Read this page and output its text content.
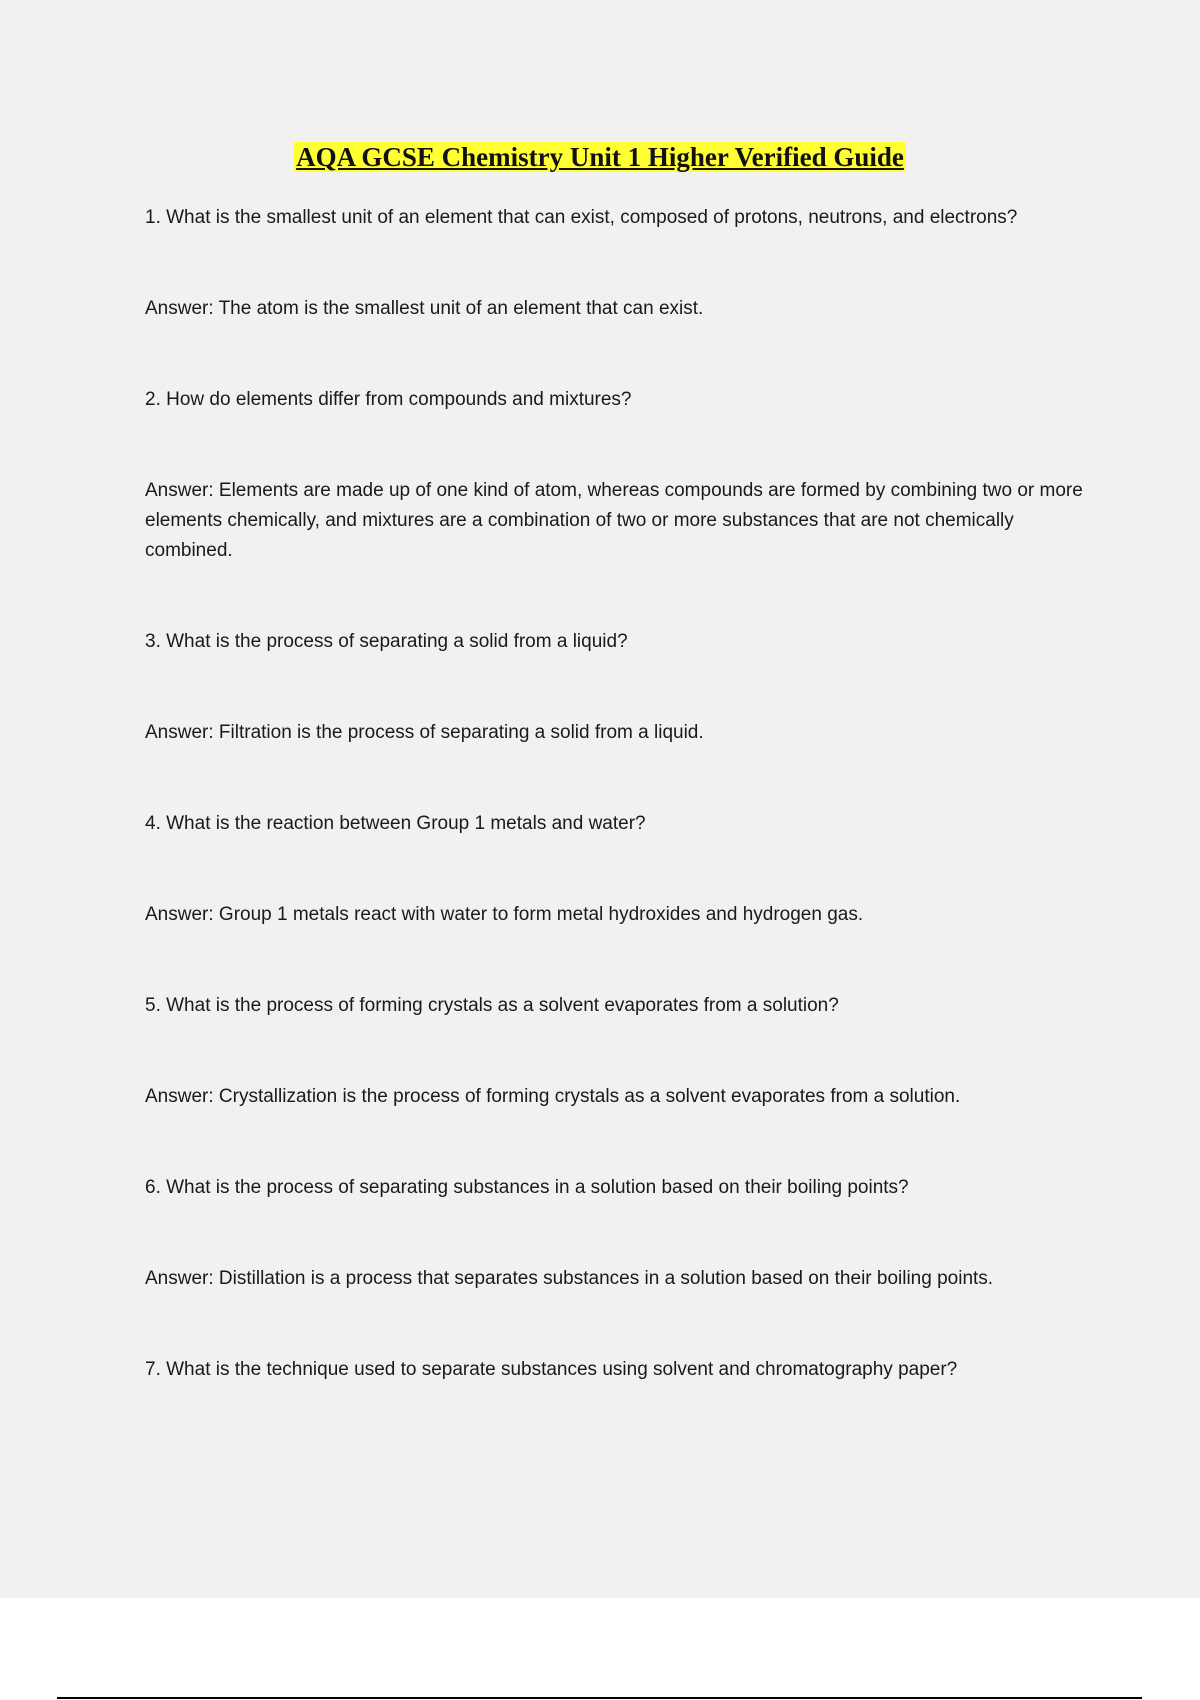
AQA GCSE Chemistry Unit 1 Higher Verified Guide

1. What is the smallest unit of an element that can exist, composed of protons, neutrons, and electrons?

Answer: The atom is the smallest unit of an element that can exist.

2. How do elements differ from compounds and mixtures?

Answer: Elements are made up of one kind of atom, whereas compounds are formed by combining two or more elements chemically, and mixtures are a combination of two or more substances that are not chemically combined.

3. What is the process of separating a solid from a liquid?

Answer: Filtration is the process of separating a solid from a liquid.

4. What is the reaction between Group 1 metals and water?

Answer: Group 1 metals react with water to form metal hydroxides and hydrogen gas.

5. What is the process of forming crystals as a solvent evaporates from a solution?

Answer: Crystallization is the process of forming crystals as a solvent evaporates from a solution.

6. What is the process of separating substances in a solution based on their boiling points?

Answer: Distillation is a process that separates substances in a solution based on their boiling points.

7. What is the technique used to separate substances using solvent and chromatography paper?
